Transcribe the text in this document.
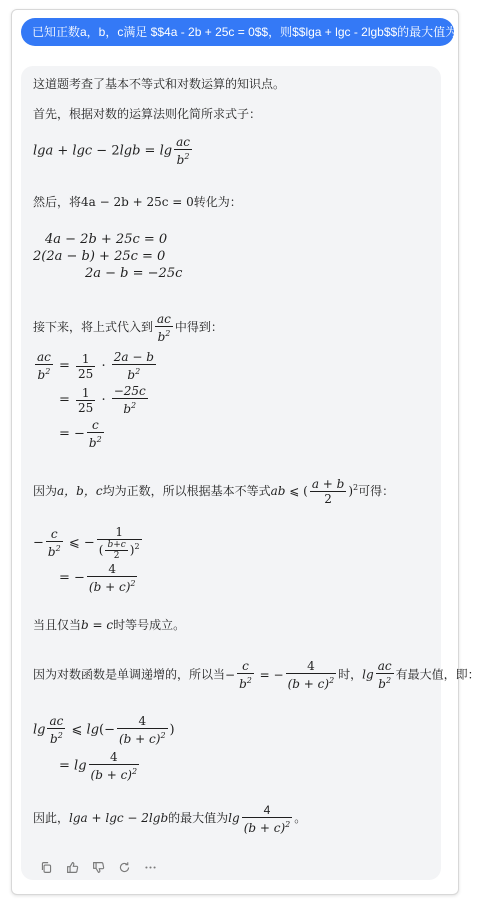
已知正数a，b，c满足 $$4a - 2b + 25c = 0$$，则$$lga + lgc - 2lgb$$的最大值为
这道题考查了基本不等式和对数运算的知识点。
首先，根据对数的运算法则化简所求式子：
$\lg a + \lg c - 2\lg b = \lg \frac{ac}{b^2}$
然后，将4a − 2b + 25c = 0转化为：
4a − 2b + 25c = 0
2(2a − b) + 25c = 0
2a − b = −25c
接下来，将上式代入到 $\frac{ac}{b^2}$ 中得到：
$\frac{ac}{b^2} = \frac{1}{25} \cdot \frac{2a - b}{b^2}$
= $\frac{1}{25} \cdot \frac{-25c}{b^2}$
= − $\frac{c}{b^2}$
因为a，b，c均为正数，所以根据基本不等式ab ⩽ ( $\frac{a + b}{2} )^2$可得：
− $\frac{c}{b^2}$ ⩽ − $\frac{1}{( \frac{b+c}{2} )^2}$
= − $\frac{4}{(b + c)^2}$
当且仅当b = c时等号成立。
因为对数函数是单调递增的，所以当− $\frac{c}{b^2}$ = − $\frac{4}{(b + c)^2}$ 时，$\lg \frac{ac}{b^2}$ 有最大值，即：
$\lg \frac{ac}{b^2}$ ⩽ $\lg(- \frac{4}{(b + c)^2}$ )
= $\lg \frac{4}{(b + c)^2}$
因此，lga + lgc − 2lgb的最大值为$\lg \frac{4}{(b + c)^2}$ 。
